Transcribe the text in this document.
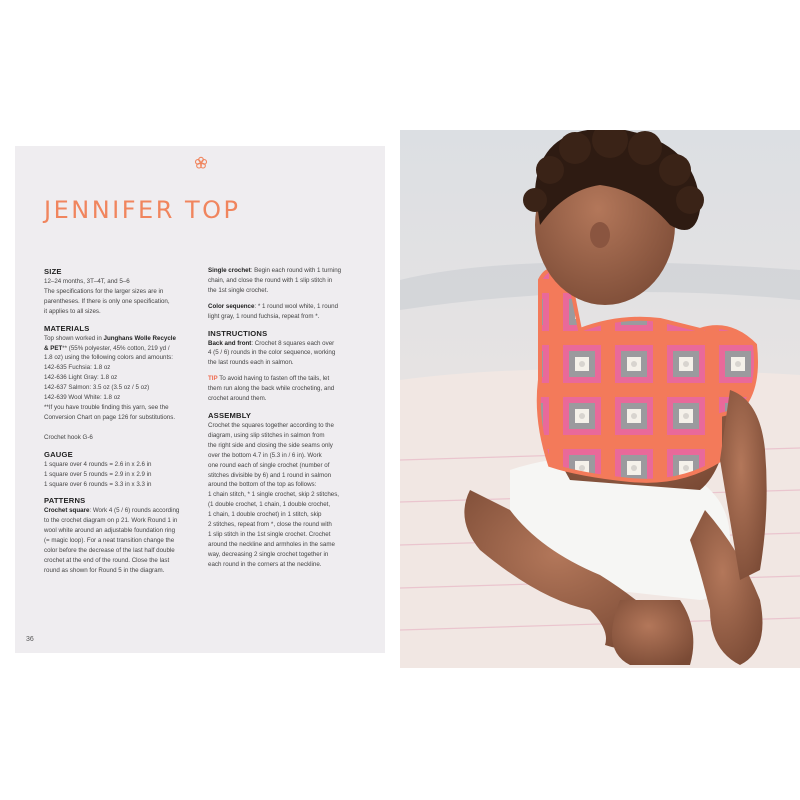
JENNIFER TOP
SIZE

12–24 months, 3T–4T, and 5–6

The specifications for the larger sizes are in

parentheses. If there is only one specification,

it applies to all sizes.

MATERIALS

Top shown worked in Junghans Wolle Recycle

& PET** (55% polyester, 45% cotton, 219 yd /

1.8 oz) using the following colors and amounts:

142-635 Fuchsia: 1.8 oz

142-636 Light Gray: 1.8 oz

142-637 Salmon: 3.5 oz (3.5 oz / 5 oz)

142-639 Wool White: 1.8 oz

**If you have trouble finding this yarn, see the

Conversion Chart on page 126 for substitutions.

Crochet hook G-6

GAUGE

1 square over 4 rounds = 2.6 in x 2.6 in

1 square over 5 rounds = 2.9 in x 2.9 in

1 square over 6 rounds = 3.3 in x 3.3 in

PATTERNS

Crochet square: Work 4 (5 / 6) rounds according

to the crochet diagram on p 21. Work Round 1 in

wool white around an adjustable foundation ring

(= magic loop). For a neat transition change the

color before the decrease of the last half double

crochet at the end of the round. Close the last

round as shown for Round 5 in the diagram.

Single crochet: Begin each round with 1 turning

chain, and close the round with 1 slip stitch in

the 1st single crochet.

Color sequence: * 1 round wool white, 1 round

light gray, 1 round fuchsia, repeat from *.

INSTRUCTIONS

Back and front: Crochet 8 squares each over

4 (5 / 6) rounds in the color sequence, working

the last rounds each in salmon.

TIP To avoid having to fasten off the tails, let

them run along the back while crocheting, and

crochet around them.

ASSEMBLY

Crochet the squares together according to the

diagram, using slip stitches in salmon from

the right side and closing the side seams only

over the bottom 4.7 in (5.3 in / 6 in). Work

one round each of single crochet (number of

stitches divisible by 6) and 1 round in salmon

around the bottom of the top as follows:

1 chain stitch, * 1 single crochet, skip 2 stitches,

(1 double crochet, 1 chain, 1 double crochet,

1 chain, 1 double crochet) in 1 stitch, skip

2 stitches, repeat from *, close the round with

1 slip stitch in the 1st single crochet. Crochet

around the neckline and armholes in the same

way, decreasing 2 single crochet together in

each round in the corners at the neckline.

36
